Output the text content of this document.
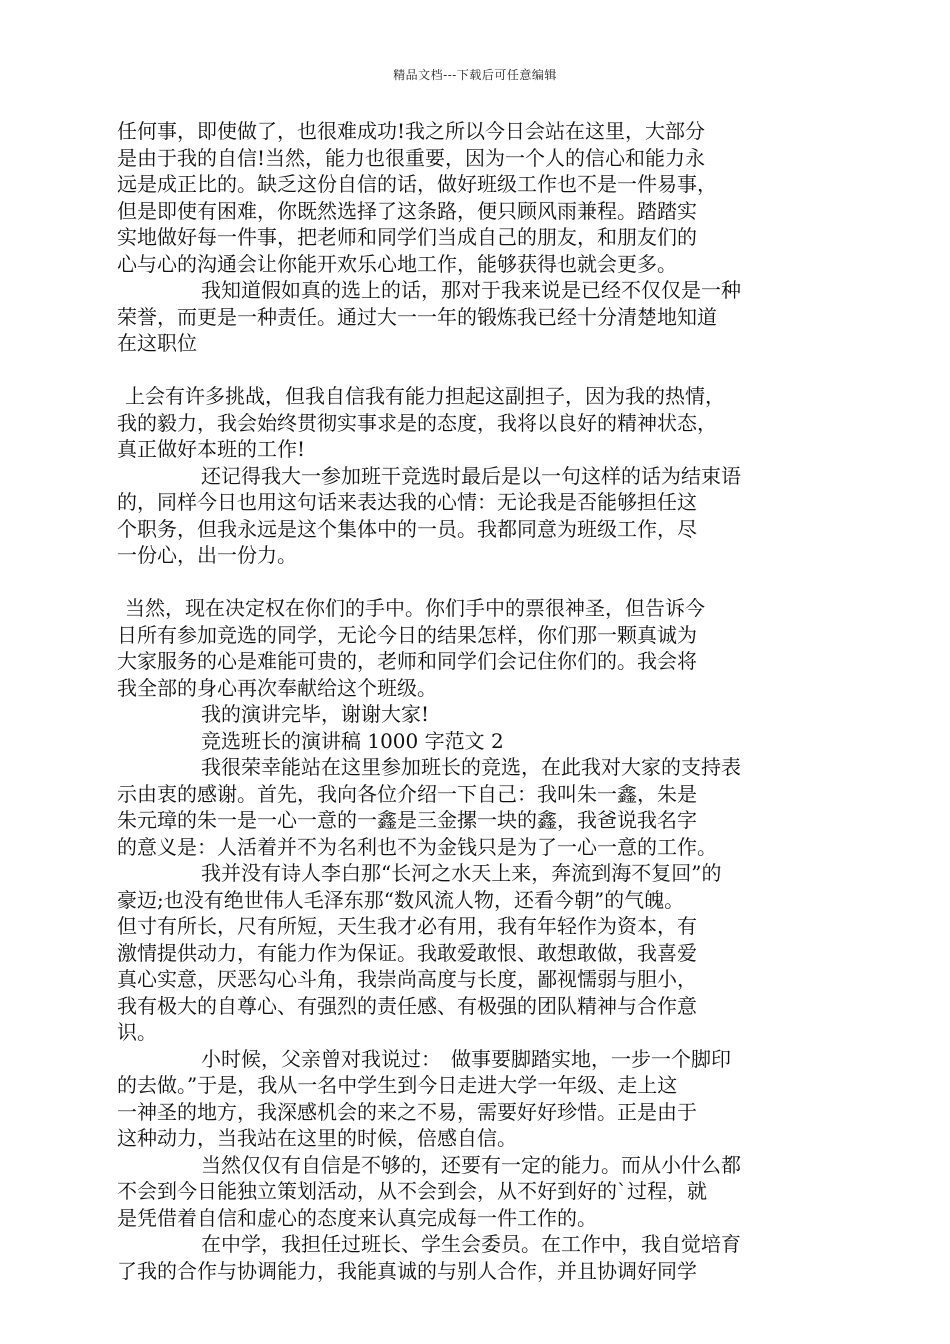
精品文档---下载后可任意编辑
任何事，即使做了，也很难成功!我之所以今日会站在这里，大部分
是由于我的自信!当然，能力也很重要，因为一个人的信心和能力永
远是成正比的。缺乏这份自信的话，做好班级工作也不是一件易事，
但是即使有困难，你既然选择了这条路，便只顾风雨兼程。踏踏实
实地做好每一件事，把老师和同学们当成自己的朋友，和朋友们的
心与心的沟通会让你能开欢乐心地工作，能够获得也就会更多。
我知道假如真的选上的话，那对于我来说是已经不仅仅是一种
荣誉，而更是一种责任。通过大一一年的锻炼我已经十分清楚地知道
在这职位
上会有许多挑战，但我自信我有能力担起这副担子，因为我的热情，
我的毅力，我会始终贯彻实事求是的态度，我将以良好的精神状态，
真正做好本班的工作!
还记得我大一参加班干竞选时最后是以一句这样的话为结束语
的，同样今日也用这句话来表达我的心情：无论我是否能够担任这
个职务，但我永远是这个集体中的一员。我都同意为班级工作，尽
一份心，出一份力。
当然，现在决定权在你们的手中。你们手中的票很神圣，但告诉今
日所有参加竞选的同学，无论今日的结果怎样，你们那一颗真诚为
大家服务的心是难能可贵的，老师和同学们会记住你们的。我会将
我全部的身心再次奉献给这个班级。
我的演讲完毕，谢谢大家!
竞选班长的演讲稿 1000 字范文 2
我很荣幸能站在这里参加班长的竞选，在此我对大家的支持表
示由衷的感谢。首先，我向各位介绍一下自己：我叫朱一鑫，朱是
朱元璋的朱一是一心一意的一鑫是三金摞一块的鑫，我爸说我名字
的意义是：人活着并不为名利也不为金钱只是为了一心一意的工作。
我并没有诗人李白那“长河之水天上来，奔流到海不复回”的
豪迈;也没有绝世伟人毛泽东那“数风流人物，还看今朝”的气魄。
但寸有所长，尺有所短，天生我才必有用，我有年轻作为资本，有
激情提供动力，有能力作为保证。我敢爱敢恨、敢想敢做，我喜爱
真心实意，厌恶勾心斗角，我崇尚高度与长度，鄙视懦弱与胆小，
我有极大的自尊心、有强烈的责任感、有极强的团队精神与合作意
识。
小时候，父亲曾对我说过：　做事要脚踏实地，一步一个脚印
的去做。”于是，我从一名中学生到今日走进大学一年级、走上这
一神圣的地方，我深感机会的来之不易，需要好好珍惜。正是由于
这种动力，当我站在这里的时候，倍感自信。
当然仅仅有自信是不够的，还要有一定的能力。而从小什么都
不会到今日能独立策划活动，从不会到会，从不好到好的`过程，就
是凭借着自信和虚心的态度来认真完成每一件工作的。
在中学，我担任过班长、学生会委员。在工作中，我自觉培育
了我的合作与协调能力，我能真诚的与别人合作，并且协调好同学
